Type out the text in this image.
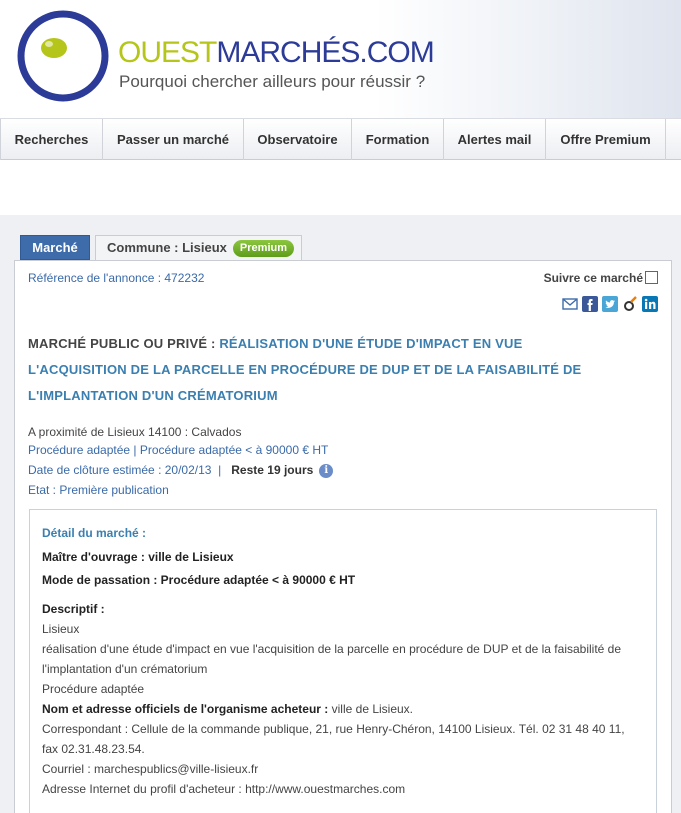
OUESTMARCHÉS.COM
Pourquoi chercher ailleurs pour réussir ?
Recherches	Passer un marché	Observatoire	Formation	Alertes mail	Offre Premium
Marché	Commune : Lisieux Premium
Référence de l'annonce : 472232	Suivre ce marché
MARCHÉ PUBLIC OU PRIVÉ : RÉALISATION D'UNE ÉTUDE D'IMPACT EN VUE
L'ACQUISITION DE LA PARCELLE EN PROCÉDURE DE DUP ET DE LA FAISABILITÉ DE
L'IMPLANTATION D'UN CRÉMATORIUM
A proximité de Lisieux 14100 : Calvados
Procédure adaptée | Procédure adaptée < à 90000 € HT
Date de clôture estimée : 20/02/13 | Reste 19 jours i
Etat : Première publication
Détail du marché :
Maître d'ouvrage : ville de Lisieux
Mode de passation : Procédure adaptée < à 90000 € HT
Descriptif :
Lisieux
réalisation d'une étude d'impact en vue l'acquisition de la parcelle en procédure de DUP et de la faisabilité de
l'implantation d'un crématorium
Procédure adaptée
Nom et adresse officiels de l'organisme acheteur : ville de Lisieux.
Correspondant : Cellule de la commande publique, 21, rue Henry-Chéron, 14100 Lisieux. Tél. 02 31 48 40 11,
fax 02.31.48.23.54.
Courriel : marchespublics@ville-lisieux.fr
Adresse Internet du profil d'acheteur : http://www.ouestmarches.com
